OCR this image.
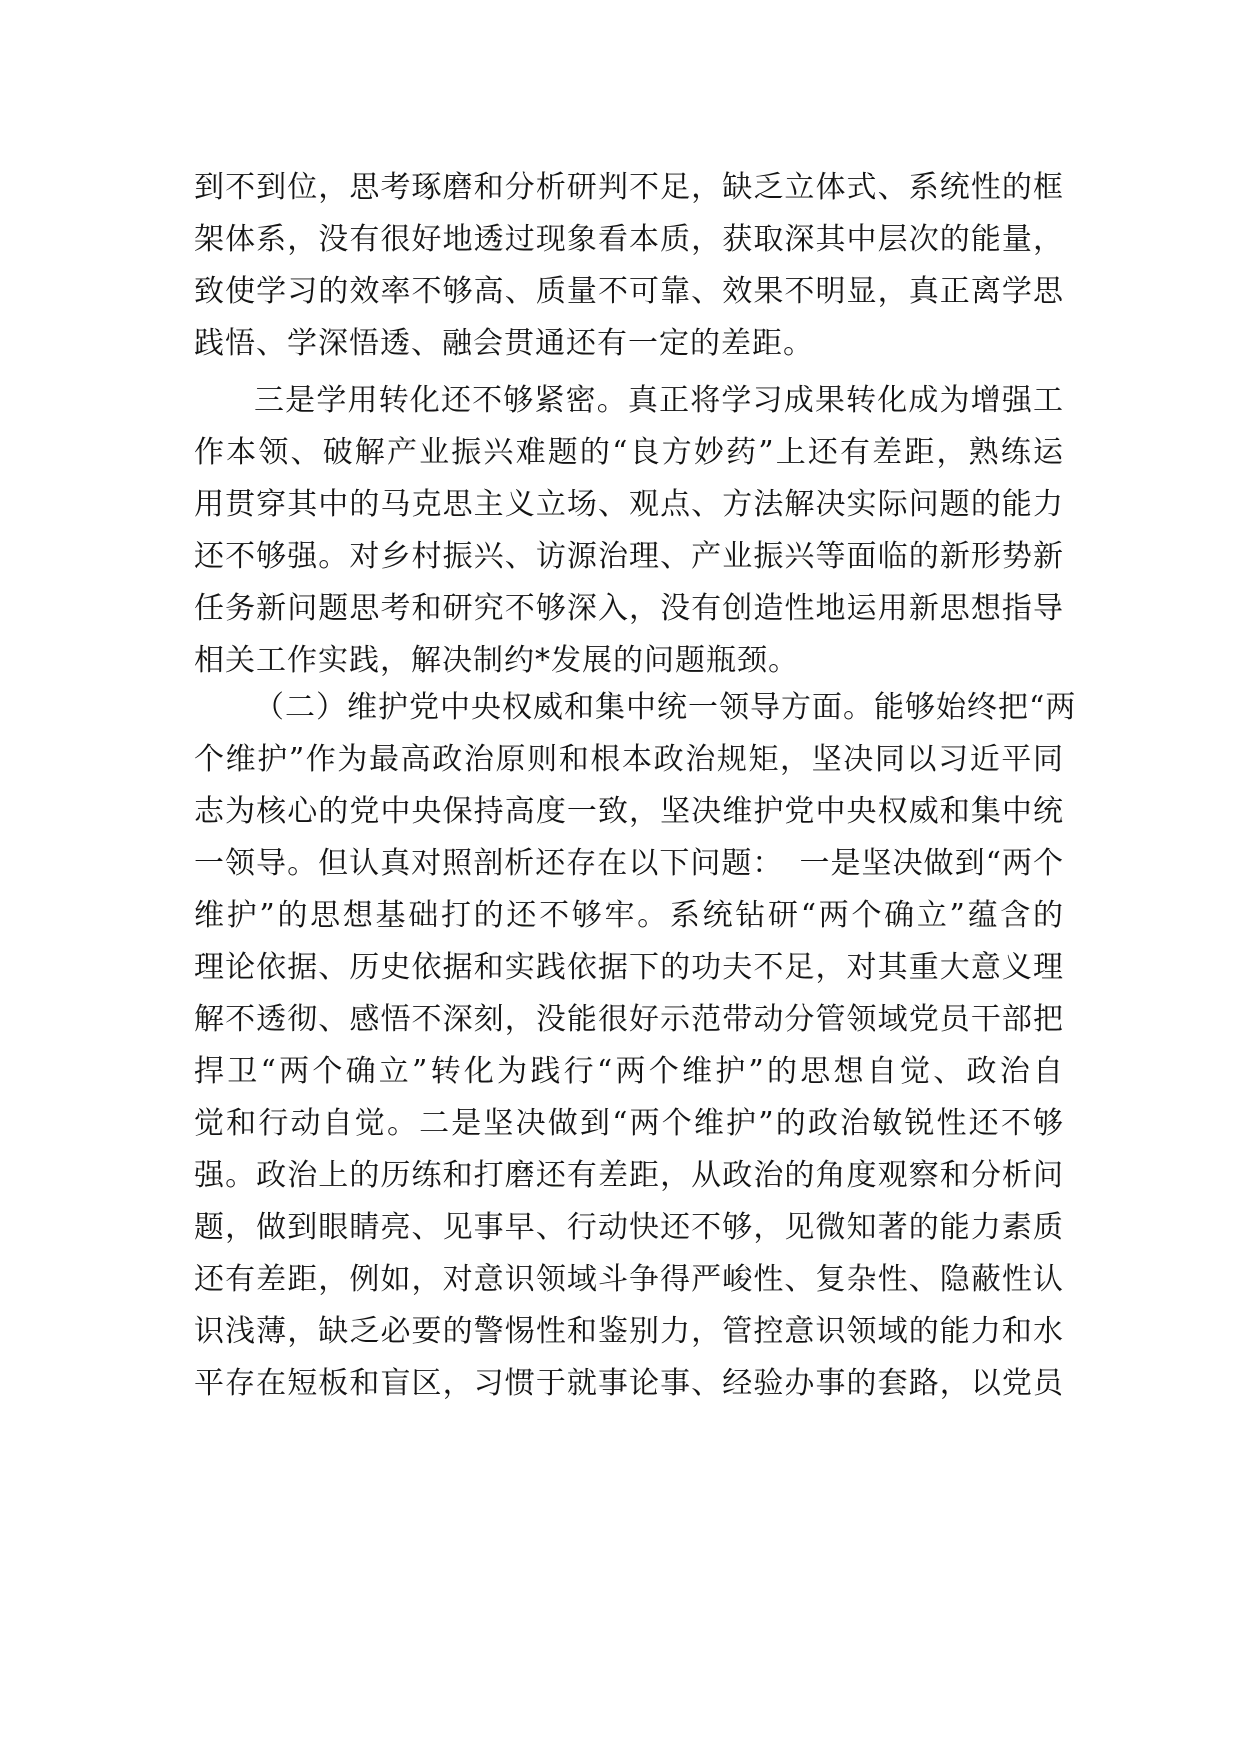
到不到位，思考琢磨和分析研判不足，缺乏立体式、系统性的框
架体系，没有很好地透过现象看本质，获取深其中层次的能量，
致使学习的效率不够高、质量不可靠、效果不明显，真正离学思
践悟、学深悟透、融会贯通还有一定的差距。
三是学用转化还不够紧密。真正将学习成果转化成为增强工
作本领、破解产业振兴难题的“良方妙药”上还有差距，熟练运
用贯穿其中的马克思主义立场、观点、方法解决实际问题的能力
还不够强。对乡村振兴、访源治理、产业振兴等面临的新形势新
任务新问题思考和研究不够深入，没有创造性地运用新思想指导
相关工作实践，解决制约*发展的问题瓶颈。
（二）维护党中央权威和集中统一领导方面。能够始终把“两
个维护”作为最高政治原则和根本政治规矩，坚决同以习近平同
志为核心的党中央保持高度一致，坚决维护党中央权威和集中统
一领导。但认真对照剖析还存在以下问题：　一是坚决做到“两个
维护”的思想基础打的还不够牢。系统钻研“两个确立”蕴含的
理论依据、历史依据和实践依据下的功夫不足，对其重大意义理
解不透彻、感悟不深刻，没能很好示范带动分管领域党员干部把
捍卫“两个确立”转化为践行“两个维护”的思想自觉、政治自
觉和行动自觉。二是坚决做到“两个维护”的政治敏锐性还不够
强。政治上的历练和打磨还有差距，从政治的角度观察和分析问
题，做到眼睛亮、见事早、行动快还不够，见微知著的能力素质
还有差距，例如，对意识领域斗争得严峻性、复杂性、隐蔽性认
识浅薄，缺乏必要的警惕性和鉴别力，管控意识领域的能力和水
平存在短板和盲区，习惯于就事论事、经验办事的套路，以党员
